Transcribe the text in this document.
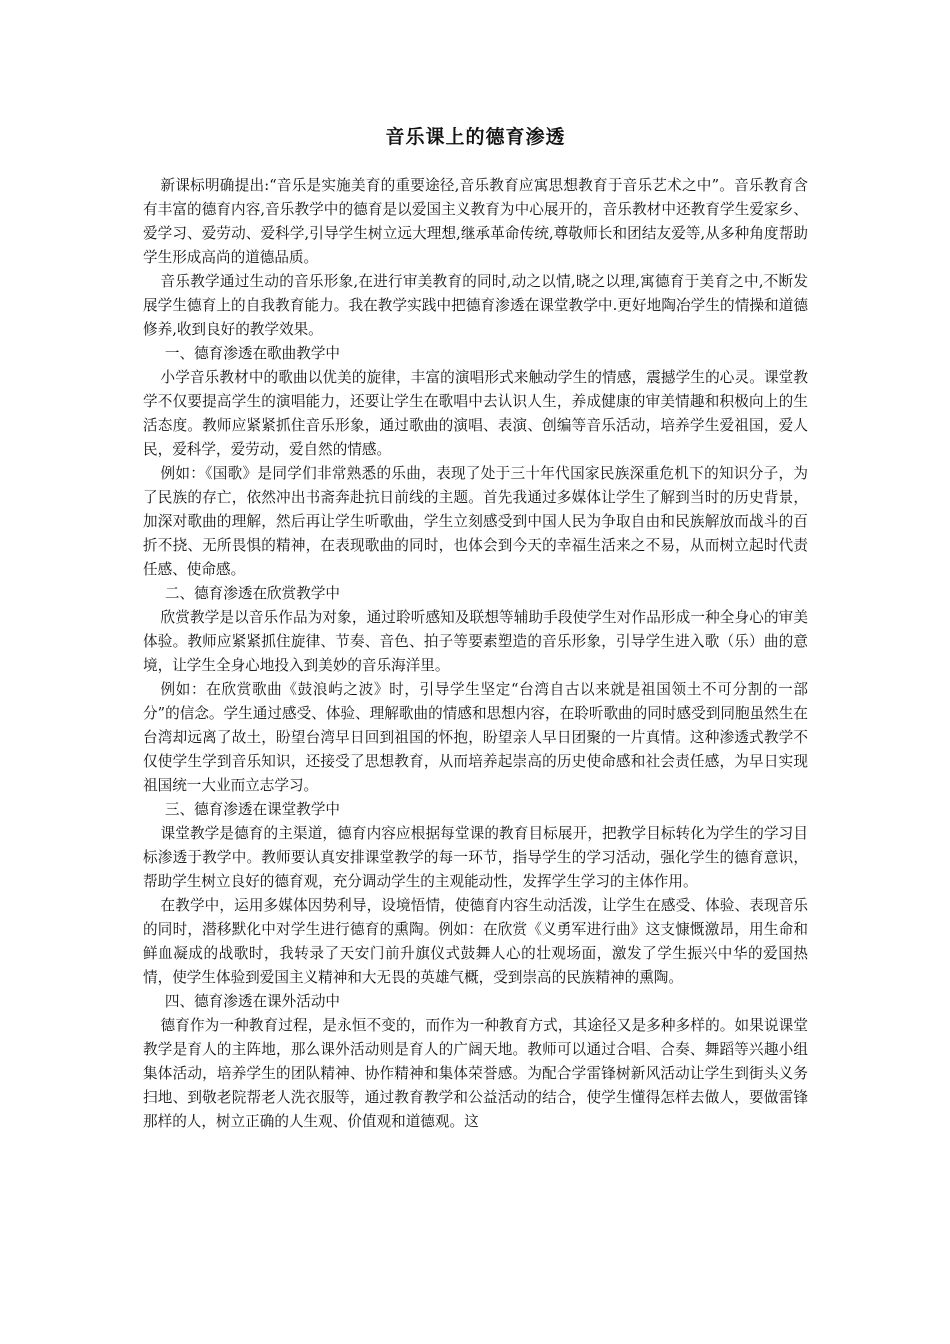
音乐课上的德育渗透

新课标明确提出:“音乐是实施美育的重要途径,音乐教育应寓思想教育于音乐艺术之中”。音乐教育含有丰富的德育内容,音乐教学中的德育是以爱国主义教育为中心展开的，音乐教材中还教育学生爱家乡、爱学习、爱劳动、爱科学,引导学生树立远大理想,继承革命传统,尊敬师长和团结友爱等,从多种角度帮助学生形成高尚的道德品质。

音乐教学通过生动的音乐形象,在进行审美教育的同时,动之以情,晓之以理,寓德育于美育之中,不断发展学生德育上的自我教育能力。我在教学实践中把德育渗透在课堂教学中.更好地陶冶学生的情操和道德修养,收到良好的教学效果。

一、德育渗透在歌曲教学中

小学音乐教材中的歌曲以优美的旋律，丰富的演唱形式来触动学生的情感，震撼学生的心灵。课堂教学不仅要提高学生的演唱能力，还要让学生在歌唱中去认识人生，养成健康的审美情趣和积极向上的生活态度。教师应紧紧抓住音乐形象，通过歌曲的演唱、表演、创编等音乐活动，培养学生爱祖国，爱人民，爱科学，爱劳动，爱自然的情感。

例如：《国歌》是同学们非常熟悉的乐曲，表现了处于三十年代国家民族深重危机下的知识分子，为了民族的存亡，依然冲出书斋奔赴抗日前线的主题。首先我通过多媒体让学生了解到当时的历史背景，加深对歌曲的理解，然后再让学生听歌曲，学生立刻感受到中国人民为争取自由和民族解放而战斗的百折不挠、无所畏惧的精神，在表现歌曲的同时，也体会到今天的幸福生活来之不易，从而树立起时代责任感、使命感。

二、德育渗透在欣赏教学中

欣赏教学是以音乐作品为对象，通过聆听感知及联想等辅助手段使学生对作品形成一种全身心的审美体验。教师应紧紧抓住旋律、节奏、音色、拍子等要素塑造的音乐形象，引导学生进入歌（乐）曲的意境，让学生全身心地投入到美妙的音乐海洋里。

例如：在欣赏歌曲《鼓浪屿之波》时，引导学生坚定“台湾自古以来就是祖国领土不可分割的一部分”的信念。学生通过感受、体验、理解歌曲的情感和思想内容，在聆听歌曲的同时感受到同胞虽然生在台湾却远离了故土，盼望台湾早日回到祖国的怀抱，盼望亲人早日团聚的一片真情。这种渗透式教学不仅使学生学到音乐知识，还接受了思想教育，从而培养起崇高的历史使命感和社会责任感，为早日实现祖国统一大业而立志学习。

三、德育渗透在课堂教学中

课堂教学是德育的主渠道，德育内容应根据每堂课的教育目标展开，把教学目标转化为学生的学习目标渗透于教学中。教师要认真安排课堂教学的每一环节，指导学生的学习活动，强化学生的德育意识，帮助学生树立良好的德育观，充分调动学生的主观能动性，发挥学生学习的主体作用。

在教学中，运用多媒体因势利导，设境悟情，使德育内容生动活泼，让学生在感受、体验、表现音乐的同时，潜移默化中对学生进行德育的熏陶。例如：在欣赏《义勇军进行曲》这支慷慨激昂，用生命和鲜血凝成的战歌时，我转录了天安门前升旗仪式鼓舞人心的壮观场面，激发了学生振兴中华的爱国热情，使学生体验到爱国主义精神和大无畏的英雄气概，受到崇高的民族精神的熏陶。

四、德育渗透在课外活动中

德育作为一种教育过程，是永恒不变的，而作为一种教育方式，其途径又是多种多样的。如果说课堂教学是育人的主阵地，那么课外活动则是育人的广阔天地。教师可以通过合唱、合奏、舞蹈等兴趣小组集体活动，培养学生的团队精神、协作精神和集体荣誉感。为配合学雷锋树新风活动让学生到街头义务扫地、到敬老院帮老人洗衣服等，通过教育教学和公益活动的结合，使学生懂得怎样去做人，要做雷锋那样的人，树立正确的人生观、价值观和道德观。这
